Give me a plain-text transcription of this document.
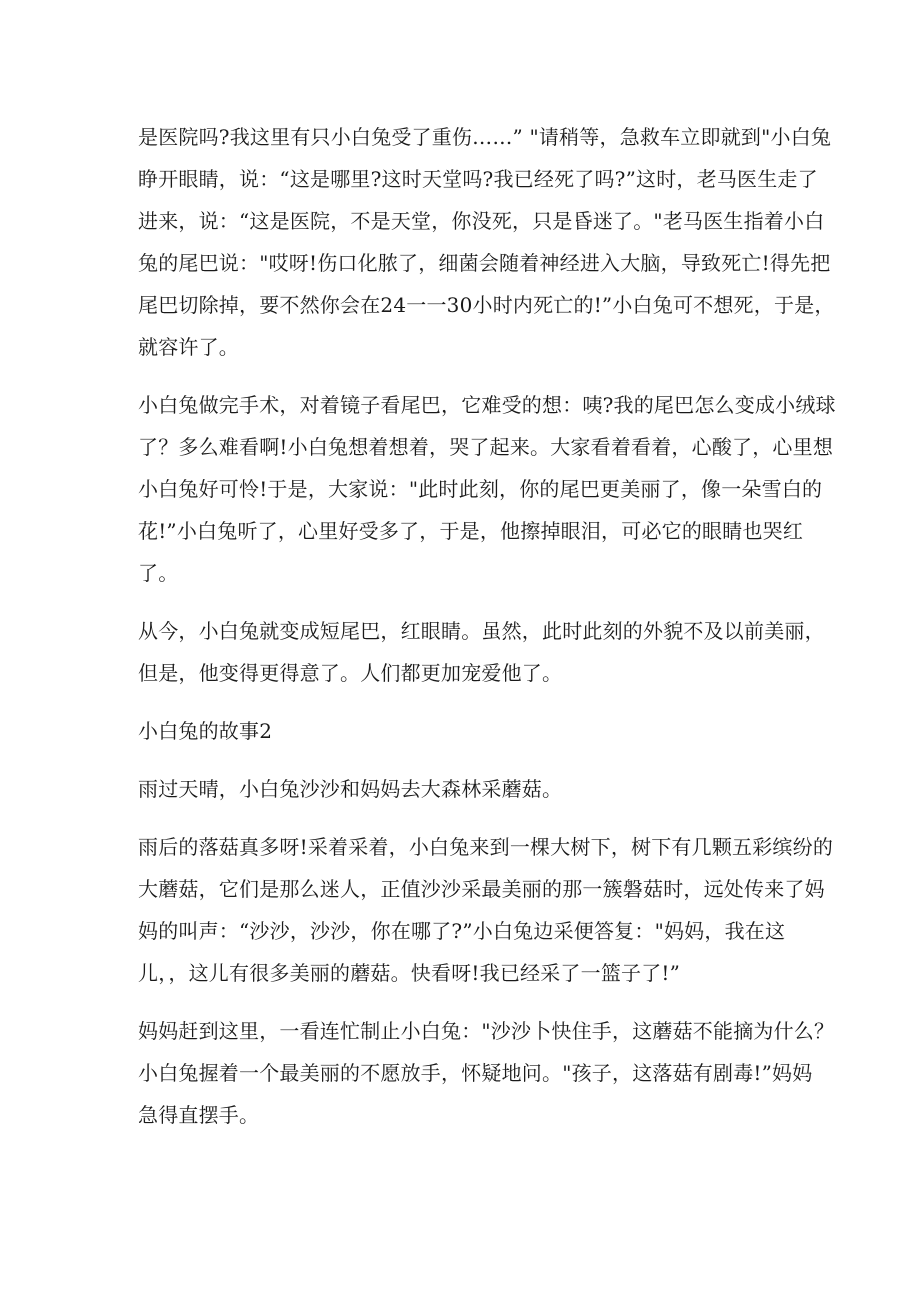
是医院吗?我这里有只小白兔受了重伤……” "请稍等，急救车立即就到"小白兔
睁开眼睛，说：“这是哪里?这时天堂吗?我已经死了吗?”这时，老马医生走了
进来，说：“这是医院，不是天堂，你没死，只是昏迷了。"老马医生指着小白
兔的尾巴说："哎呀!伤口化脓了，细菌会随着神经进入大脑，导致死亡!得先把
尾巴切除掉，要不然你会在24一一30小时内死亡的!”小白兔可不想死，于是，
就容许了。
小白兔做完手术，对着镜子看尾巴，它难受的想：咦?我的尾巴怎么变成小绒球
了？多么难看啊!小白兔想着想着，哭了起来。大家看着看着，心酸了，心里想
小白兔好可怜!于是，大家说："此时此刻，你的尾巴更美丽了，像一朵雪白的
花!”小白兔听了，心里好受多了，于是，他擦掉眼泪，可必它的眼睛也哭红
了。
从今，小白兔就变成短尾巴，红眼睛。虽然，此时此刻的外貌不及以前美丽，
但是，他变得更得意了。人们都更加宠爱他了。
小白兔的故事2
雨过天晴，小白兔沙沙和妈妈去大森林采蘑菇。
雨后的落菇真多呀!采着采着，小白兔来到一棵大树下，树下有几颗五彩缤纷的
大蘑菇，它们是那么迷人，正值沙沙采最美丽的那一簇磐菇时，远处传来了妈
妈的叫声：“沙沙，沙沙，你在哪了?”小白兔边采便答复："妈妈，我在这
儿，，这儿有很多美丽的蘑菇。快看呀!我已经采了一篮子了!”
妈妈赶到这里，一看连忙制止小白兔："沙沙卜快住手，这蘑菇不能摘为什么？
小白兔握着一个最美丽的不愿放手，怀疑地问。"孩子，这落菇有剧毒!”妈妈
急得直摆手。
